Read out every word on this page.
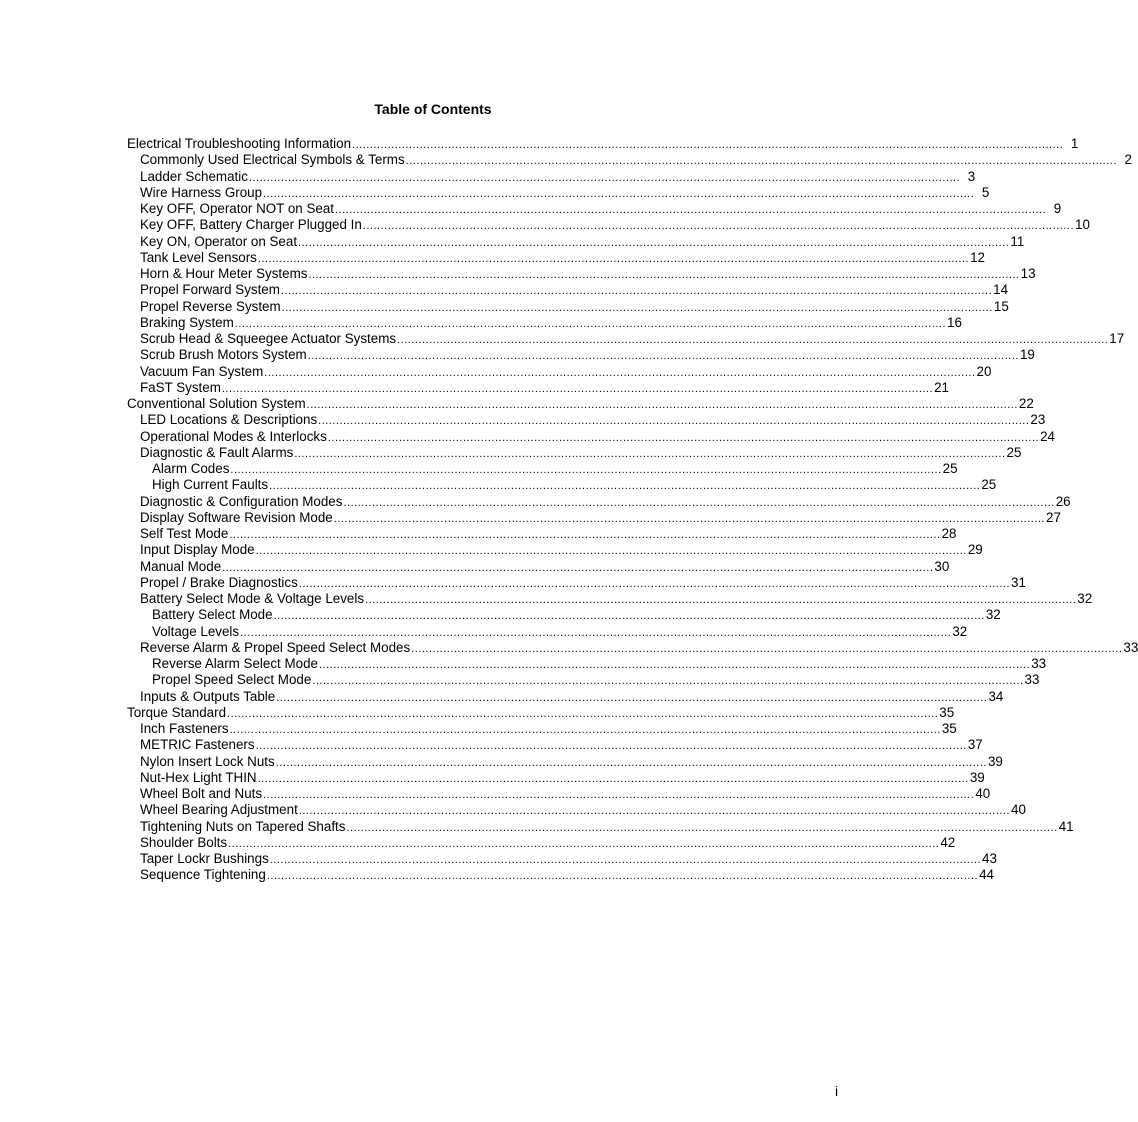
Table of Contents
Electrical Troubleshooting Information ........................................................................................................................................................................................................ 1
Commonly Used Electrical Symbols & Terms ........................................................................................................................................................................................................ 2
Ladder Schematic ........................................................................................................................................................................................................ 3
Wire Harness Group ........................................................................................................................................................................................................ 5
Key OFF, Operator NOT on Seat ........................................................................................................................................................................................................ 9
Key OFF, Battery Charger Plugged In ........................................................................................................................................................................................................ 10
Key ON, Operator on Seat ........................................................................................................................................................................................................ 11
Tank Level Sensors ........................................................................................................................................................................................................ 12
Horn & Hour Meter Systems ........................................................................................................................................................................................................ 13
Propel Forward System ........................................................................................................................................................................................................ 14
Propel Reverse System ........................................................................................................................................................................................................ 15
Braking System ........................................................................................................................................................................................................ 16
Scrub Head & Squeegee Actuator Systems ........................................................................................................................................................................................................ 17
Scrub Brush Motors System ........................................................................................................................................................................................................ 19
Vacuum Fan System ........................................................................................................................................................................................................ 20
FaST System ........................................................................................................................................................................................................ 21
Conventional Solution System ........................................................................................................................................................................................................ 22
LED Locations & Descriptions ........................................................................................................................................................................................................ 23
Operational Modes & Interlocks ........................................................................................................................................................................................................ 24
Diagnostic & Fault Alarms ........................................................................................................................................................................................................ 25
Alarm Codes ........................................................................................................................................................................................................ 25
High Current Faults ........................................................................................................................................................................................................ 25
Diagnostic & Configuration Modes ........................................................................................................................................................................................................ 26
Display Software Revision Mode ........................................................................................................................................................................................................ 27
Self Test Mode ........................................................................................................................................................................................................ 28
Input Display Mode ........................................................................................................................................................................................................ 29
Manual Mode ........................................................................................................................................................................................................ 30
Propel / Brake Diagnostics ........................................................................................................................................................................................................ 31
Battery Select Mode & Voltage Levels ........................................................................................................................................................................................................ 32
Battery Select Mode ........................................................................................................................................................................................................ 32
Voltage Levels ........................................................................................................................................................................................................ 32
Reverse Alarm & Propel Speed Select Modes ........................................................................................................................................................................................................ 33
Reverse Alarm Select Mode ........................................................................................................................................................................................................ 33
Propel Speed Select Mode ........................................................................................................................................................................................................ 33
Inputs & Outputs Table ........................................................................................................................................................................................................ 34
Torque Standard ........................................................................................................................................................................................................ 35
Inch Fasteners ........................................................................................................................................................................................................ 35
METRIC Fasteners ........................................................................................................................................................................................................ 37
Nylon Insert Lock Nuts ........................................................................................................................................................................................................ 39
Nut-Hex Light THIN ........................................................................................................................................................................................................ 39
Wheel Bolt and Nuts ........................................................................................................................................................................................................ 40
Wheel Bearing Adjustment ........................................................................................................................................................................................................ 40
Tightening Nuts on Tapered Shafts ........................................................................................................................................................................................................ 41
Shoulder Bolts ........................................................................................................................................................................................................ 42
Taper Lockr Bushings ........................................................................................................................................................................................................ 43
Sequence Tightening ........................................................................................................................................................................................................ 44
i
